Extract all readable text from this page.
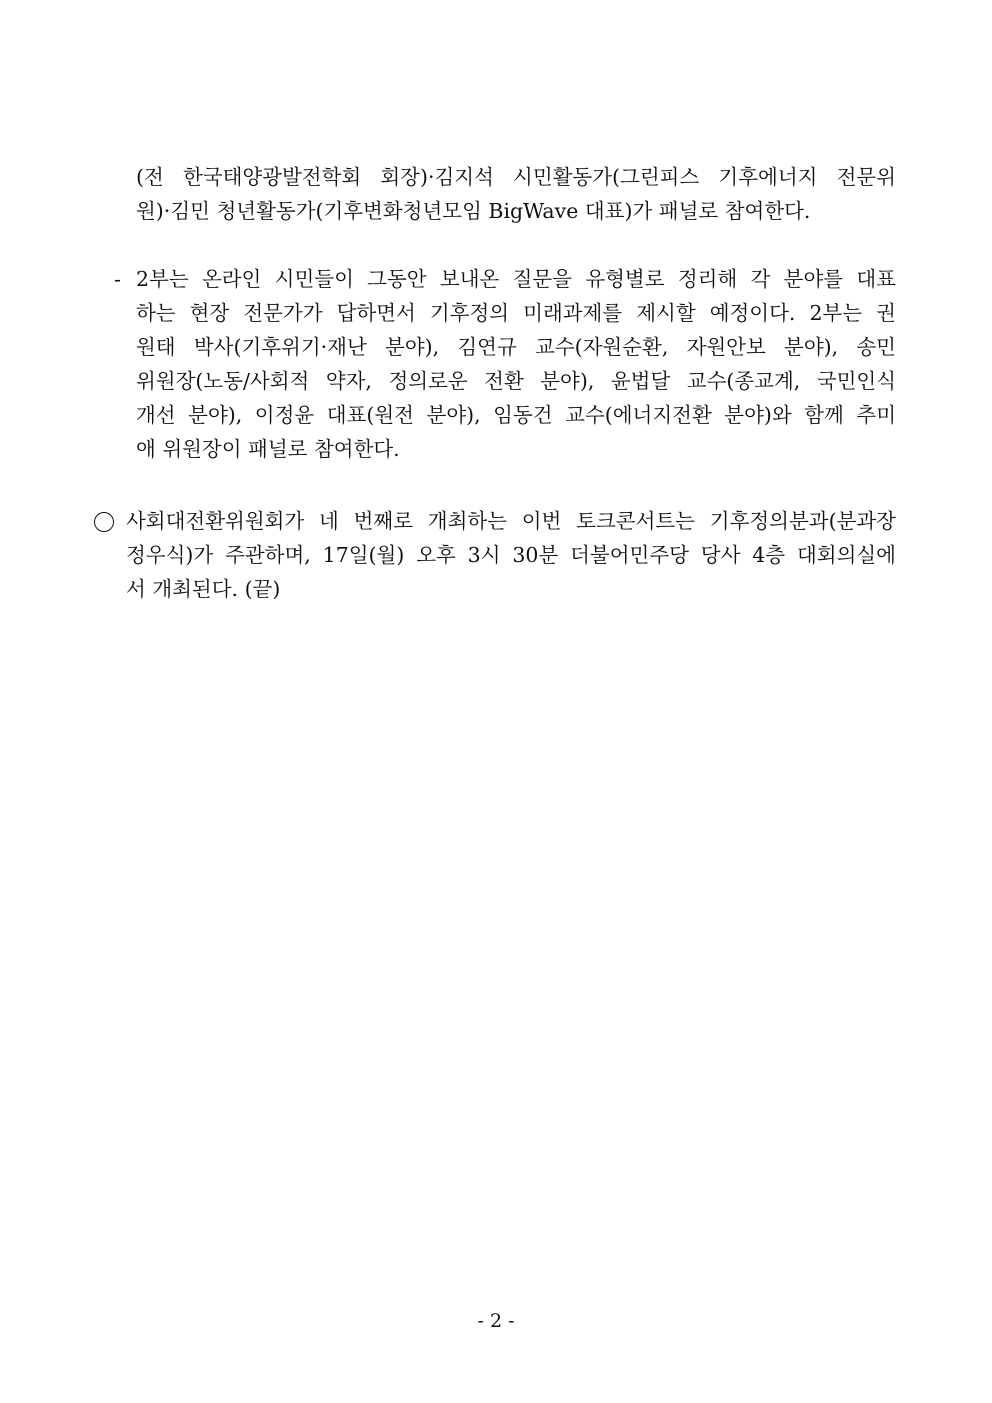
(전 한국태양광발전학회 회장)·김지석 시민활동가(그린피스 기후에너지 전문위
원)·김민 청년활동가(기후변화청년모임 BigWave 대표)가 패널로 참여한다.
- 2부는 온라인 시민들이 그동안 보내온 질문을 유형별로 정리해 각 분야를 대표
하는 현장 전문가가 답하면서 기후정의 미래과제를 제시할 예정이다. 2부는 권
원태 박사(기후위기·재난 분야), 김연규 교수(자원순환, 자원안보 분야), 송민
위원장(노동/사회적 약자, 정의로운 전환 분야), 윤법달 교수(종교계, 국민인식
개선 분야), 이정윤 대표(원전 분야), 임동건 교수(에너지전환 분야)와 함께 추미
애 위원장이 패널로 참여한다.
사회대전환위원회가 네 번째로 개최하는 이번 토크콘서트는 기후정의분과(분과장
정우식)가 주관하며, 17일(월) 오후 3시 30분 더불어민주당 당사 4층 대회의실에
서 개최된다. (끝)
- 2 -
